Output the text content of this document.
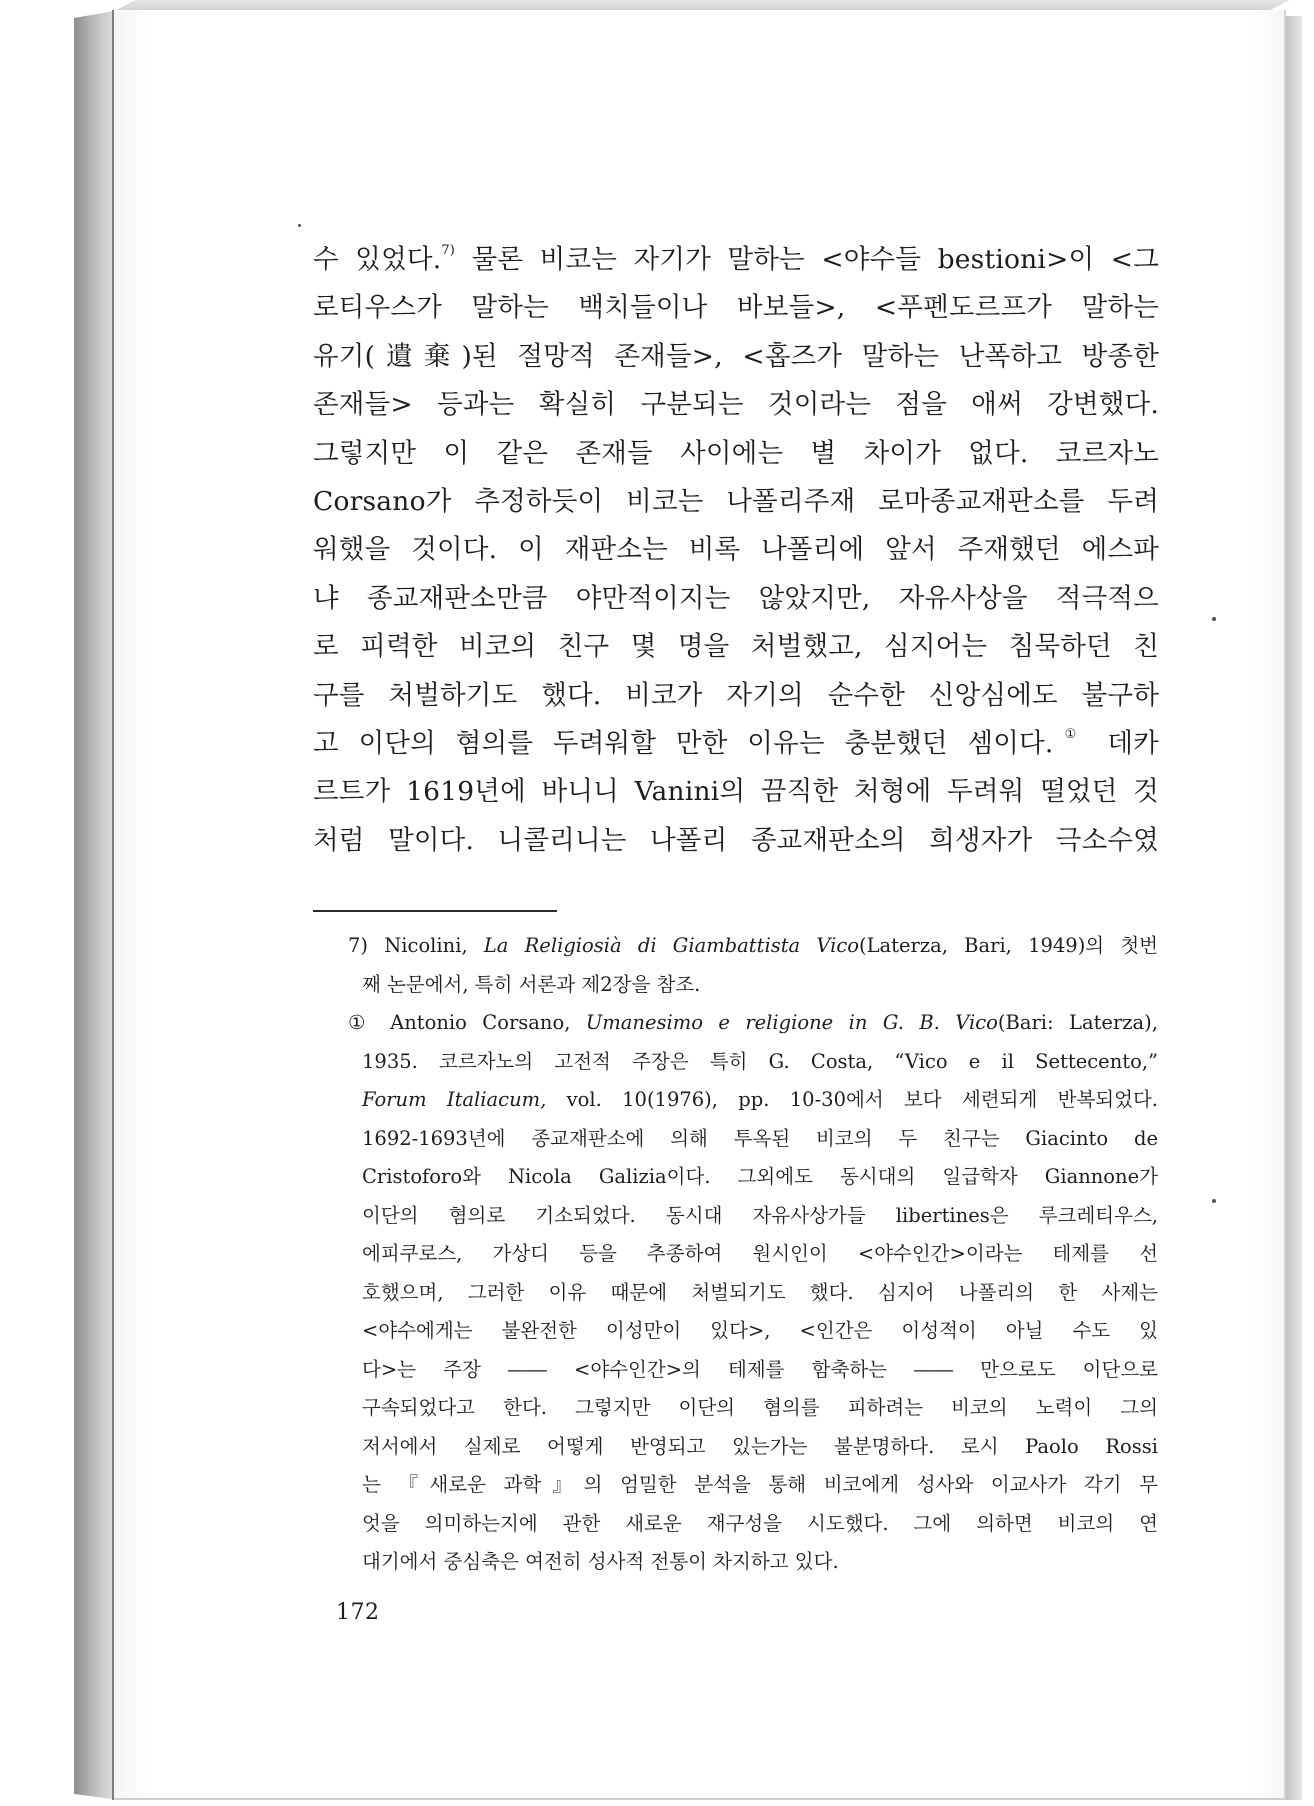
수 있었다.$^{7)}$ 물론 비코는 자기가 말하는 <야수들 bestioni>이 <그
로티우스가 말하는 백치들이나 바보들>, <푸펜도르프가 말하는
유기(遺棄)된 절망적 존재들>, <홉즈가 말하는 난폭하고 방종한
존재들> 등과는 확실히 구분되는 것이라는 점을 애써 강변했다.
그렇지만 이 같은 존재들 사이에는 별 차이가 없다. 코르자노
Corsano가 추정하듯이 비코는 나폴리주재 로마종교재판소를 두려
워했을 것이다. 이 재판소는 비록 나폴리에 앞서 주재했던 에스파
냐 종교재판소만큼 야만적이지는 않았지만, 자유사상을 적극적으
로 피력한 비코의 친구 몇 명을 처벌했고, 심지어는 침묵하던 친
구를 처벌하기도 했다. 비코가 자기의 순수한 신앙심에도 불구하
고 이단의 혐의를 두려워할 만한 이유는 충분했던 셈이다.① 데카
르트가 1619년에 바니니 Vanini의 끔직한 처형에 두려워 떨었던 것
처럼 말이다. 니콜리니는 나폴리 종교재판소의 희생자가 극소수였
7) Nicolini, La Religiosià di Giambattista Vico(Laterza, Bari, 1949)의 첫번
째 논문에서, 특히 서론과 제2장을 참조.
① Antonio Corsano, Umanesimo e religione in G. B. Vico(Bari: Laterza),
1935. 코르자노의 고전적 주장은 특히 G. Costa, “Vico e il Settecento,”
Forum Italiacum, vol. 10(1976), pp. 10-30에서 보다 세련되게 반복되었다.
1692-1693년에 종교재판소에 의해 투옥된 비코의 두 친구는 Giacinto de
Cristoforo와 Nicola Galizia이다. 그외에도 동시대의 일급학자 Giannone가
이단의 혐의로 기소되었다. 동시대 자유사상가들 libertines은 루크레티우스,
에피쿠로스, 가상디 등을 추종하여 원시인이 <야수인간>이라는 테제를 선
호했으며, 그러한 이유 때문에 처벌되기도 했다. 심지어 나폴리의 한 사제는
<야수에게는 불완전한 이성만이 있다>, <인간은 이성적이 아닐 수도 있
다>는 주장 ―― <야수인간>의 테제를 함축하는 ―― 만으로도 이단으로
구속되었다고 한다. 그렇지만 이단의 혐의를 피하려는 비코의 노력이 그의
저서에서 실제로 어떻게 반영되고 있는가는 불분명하다. 로시 Paolo Rossi
는 『새로운 과학』의 엄밀한 분석을 통해 비코에게 성사와 이교사가 각기 무
엇을 의미하는지에 관한 새로운 재구성을 시도했다. 그에 의하면 비코의 연
대기에서 중심축은 여전히 성사적 전통이 차지하고 있다.
172
